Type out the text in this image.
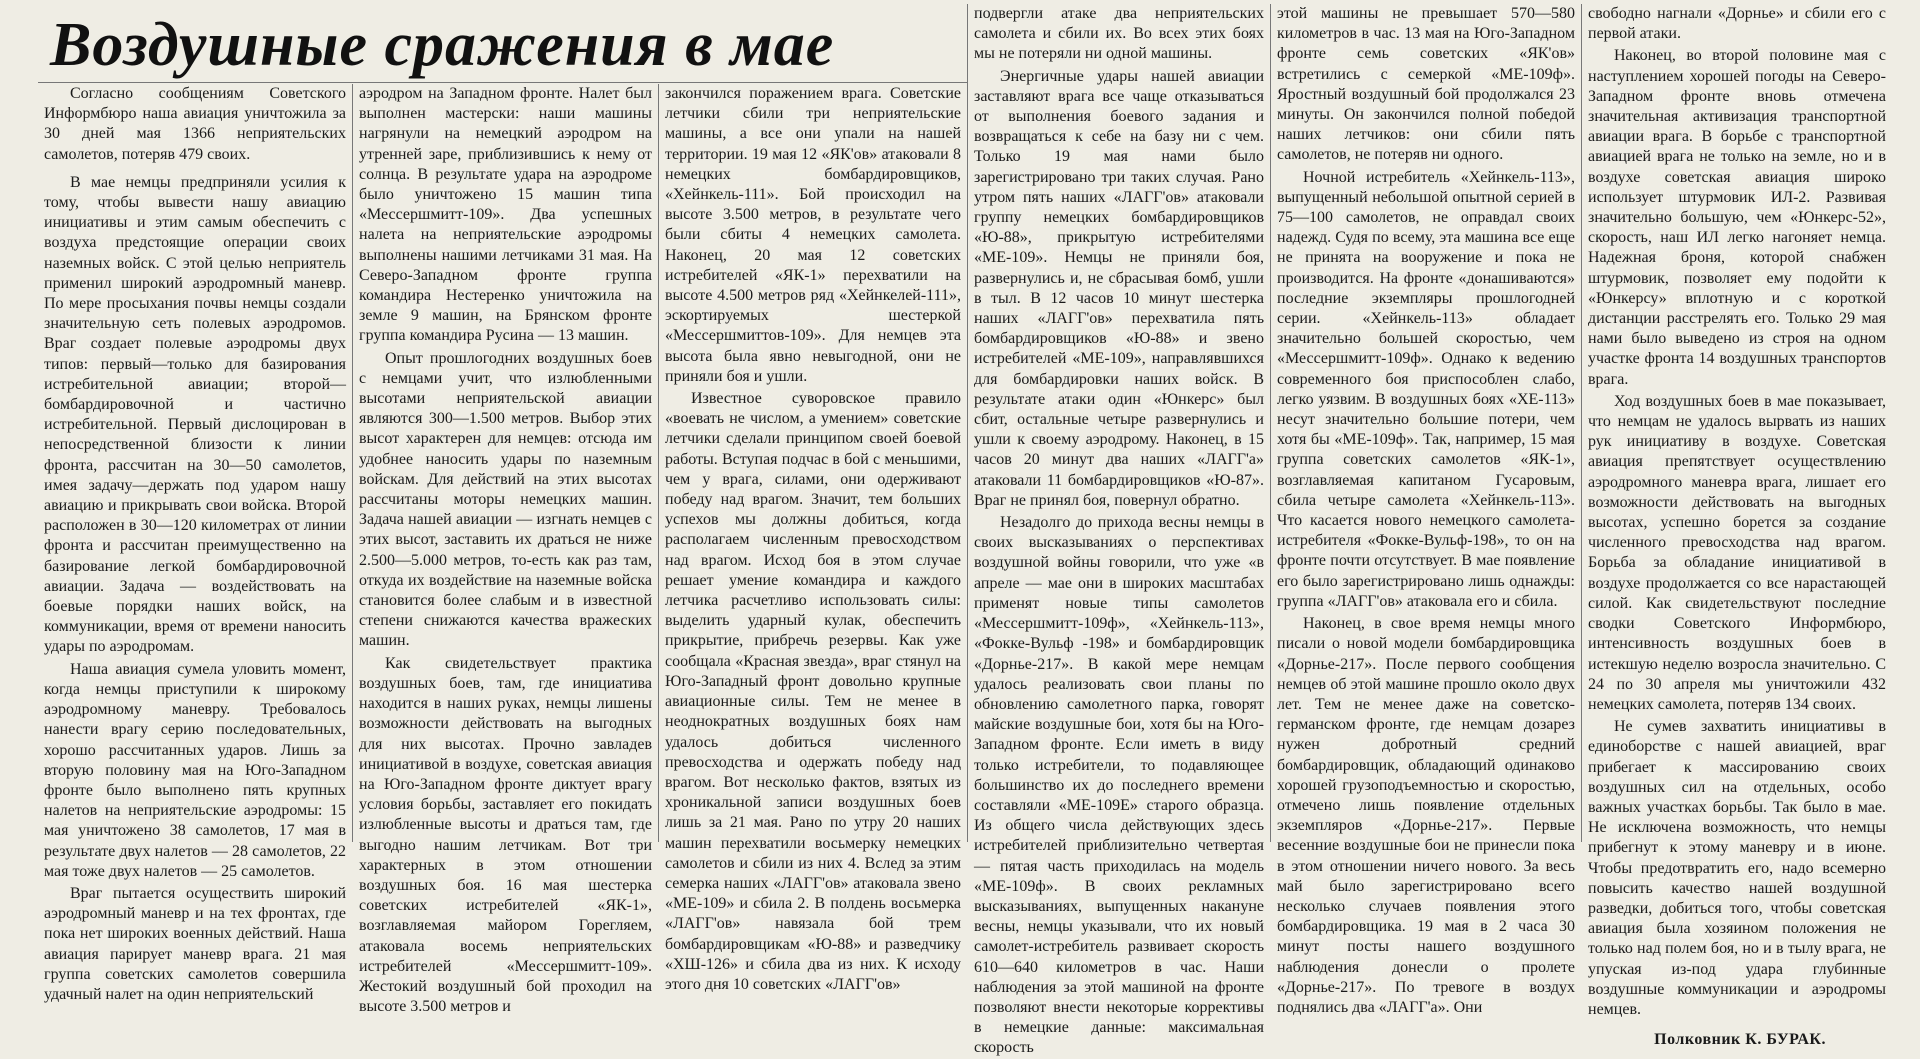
Воздушные сражения в мае

Согласно сообщениям Советского Информбюро наша авиация уничтожила за 30 дней мая 1366 неприятельских самолетов, потеряв 479 своих.

В мае немцы предприняли усилия к тому, чтобы вывести нашу авиацию инициативы и этим самым обеспечить с воздуха предстоящие операции своих наземных войск. С этой целью неприятель применил широкий аэродромный маневр. По мере просыхания почвы немцы создали значительную сеть полевых аэродромов. Враг создает полевые аэродромы двух типов: первый—только для базирования истребительной авиации; второй—бомбардировочной и частично истребительной. Первый дислоцирован в непосредственной близости к линии фронта, рассчитан на 30—50 самолетов, имея задачу—держать под ударом нашу авиацию и прикрывать свои войска. Второй расположен в 30—120 километрах от линии фронта и рассчитан преимущественно на базирование легкой бомбардировочной авиации. Задача — воздействовать на боевые порядки наших войск, на коммуникации, время от времени наносить удары по аэродромам.

Наша авиация сумела уловить момент, когда немцы приступили к широкому аэродромному маневру. Требовалось нанести врагу серию последовательных, хорошо рассчитанных ударов. Лишь за вторую половину мая на Юго-Западном фронте было выполнено пять крупных налетов на неприятельские аэродромы: 15 мая уничтожено 38 самолетов, 17 мая в результате двух налетов — 28 самолетов, 22 мая тоже двух налетов — 25 самолетов.

Враг пытается осуществить широкий аэродромный маневр и на тех фронтах, где пока нет широких военных действий. Наша авиация парирует маневр врага. 21 мая группа советских самолетов совершила удачный налет на один неприятельский

аэродром на Западном фронте. Налет был выполнен мастерски: наши машины нагрянули на немецкий аэродром на утренней заре, приблизившись к нему от солнца. В результате удара на аэродроме было уничтожено 15 машин типа «Мессершмитт-109». Два успешных налета на неприятельские аэродромы выполнены нашими летчиками 31 мая. На Северо-Западном фронте группа командира Нестеренко уничтожила на земле 9 машин, на Брянском фронте группа командира Русина — 13 машин.

Опыт прошлогодних воздушных боев с немцами учит, что излюбленными высотами неприятельской авиации являются 300—1.500 метров. Выбор этих высот характерен для немцев: отсюда им удобнее наносить удары по наземным войскам. Для действий на этих высотах рассчитаны моторы немецких машин. Задача нашей авиации — изгнать немцев с этих высот, заставить их драться не ниже 2.500—5.000 метров, то-есть как раз там, откуда их воздействие на наземные войска становится более слабым и в известной степени снижаются качества вражеских машин.

Как свидетельствует практика воздушных боев, там, где инициатива находится в наших руках, немцы лишены возможности действовать на выгодных для них высотах. Прочно завладев инициативой в воздухе, советская авиация на Юго-Западном фронте диктует врагу условия борьбы, заставляет его покидать излюбленные высоты и драться там, где выгодно нашим летчикам. Вот три характерных в этом отношении воздушных боя. 16 мая шестерка советских истребителей «ЯК-1», возглавляемая майором Горегляем, атаковала восемь неприятельских истребителей «Мессершмитт-109». Жестокий воздушный бой проходил на высоте 3.500 метров и

закончился поражением врага. Советские летчики сбили три неприятельские машины, а все они упали на нашей территории. 19 мая 12 «ЯК'ов» атаковали 8 немецких бомбардировщиков, «Хейнкель-111». Бой происходил на высоте 3.500 метров, в результате чего были сбиты 4 немецких самолета. Наконец, 20 мая 12 советских истребителей «ЯК-1» перехватили на высоте 4.500 метров ряд «Хейнкелей-111», эскортируемых шестеркой «Мессершмиттов-109». Для немцев эта высота была явно невыгодной, они не приняли боя и ушли.

Известное суворовское правило «воевать не числом, а умением» советские летчики сделали принципом своей боевой работы. Вступая подчас в бой с меньшими, чем у врага, силами, они одерживают победу над врагом. Значит, тем больших успехов мы должны добиться, когда располагаем численным превосходством над врагом. Исход боя в этом случае решает умение командира и каждого летчика расчетливо использовать силы: выделить ударный кулак, обеспечить прикрытие, прибречь резервы. Как уже сообщала «Красная звезда», враг стянул на Юго-Западный фронт довольно крупные авиационные силы. Тем не менее в неоднократных воздушных боях нам удалось добиться численного превосходства и одержать победу над врагом. Вот несколько фактов, взятых из хроникальной записи воздушных боев лишь за 21 мая. Рано по утру 20 наших машин перехватили восьмерку немецких самолетов и сбили из них 4. Вслед за этим семерка наших «ЛАГГ'ов» атаковала звено «МЕ-109» и сбила 2. В полдень восьмерка «ЛАГГ'ов» навязала бой трем бомбардировщикам «Ю-88» и разведчику «ХШ-126» и сбила два из них. К исходу этого дня 10 советских «ЛАГГ'ов»

подвергли атаке два неприятельских самолета и сбили их. Во всех этих боях мы не потеряли ни одной машины.

Энергичные удары нашей авиации заставляют врага все чаще отказываться от выполнения боевого задания и возвращаться к себе на базу ни с чем. Только 19 мая нами было зарегистрировано три таких случая. Рано утром пять наших «ЛАГГ'ов» атаковали группу немецких бомбардировщиков «Ю-88», прикрытую истребителями «МЕ-109». Немцы не приняли боя, развернулись и, не сбрасывая бомб, ушли в тыл. В 12 часов 10 минут шестерка наших «ЛАГГ'ов» перехватила пять бомбардировщиков «Ю-88» и звено истребителей «МЕ-109», направлявшихся для бомбардировки наших войск. В результате атаки один «Юнкерс» был сбит, остальные четыре развернулись и ушли к своему аэродрому. Наконец, в 15 часов 20 минут два наших «ЛАГГ'а» атаковали 11 бомбардировщиков «Ю-87». Враг не принял боя, повернул обратно.

Незадолго до прихода весны немцы в своих высказываниях о перспективах воздушной войны говорили, что уже «в апреле — мае они в широких масштабах применят новые типы самолетов «Мессершмитт-109ф», «Хейнкель-113», «Фокке-Вульф -198» и бомбардировщик «Дорнье-217». В какой мере немцам удалось реализовать свои планы по обновлению самолетного парка, говорят майские воздушные бои, хотя бы на Юго-Западном фронте. Если иметь в виду только истребители, то подавляющее большинство их до последнего времени составляли «МЕ-109Е» старого образца. Из общего числа действующих здесь истребителей приблизительно четвертая — пятая часть приходилась на модель «МЕ-109ф». В своих рекламных высказываниях, выпущенных накануне весны, немцы указывали, что их новый самолет-истребитель развивает скорость 610—640 километров в час. Наши наблюдения за этой машиной на фронте позволяют внести некоторые коррективы в немецкие данные: максимальная скорость

этой машины не превышает 570—580 километров в час. 13 мая на Юго-Западном фронте семь советских «ЯК'ов» встретились с семеркой «МЕ-109ф». Яростный воздушный бой продолжался 23 минуты. Он закончился полной победой наших летчиков: они сбили пять самолетов, не потеряв ни одного.

Ночной истребитель «Хейнкель-113», выпущенный небольшой опытной серией в 75—100 самолетов, не оправдал своих надежд. Судя по всему, эта машина все еще не принята на вооружение и пока не производится. На фронте «донашиваются» последние экземпляры прошлогодней серии. «Хейнкель-113» обладает значительно большей скоростью, чем «Мессершмитт-109ф». Однако к ведению современного боя приспособлен слабо, легко уязвим. В воздушных боях «ХЕ-113» несут значительно большие потери, чем хотя бы «МЕ-109ф». Так, например, 15 мая группа советских самолетов «ЯК-1», возглавляемая капитаном Гусаровым, сбила четыре самолета «Хейнкель-113». Что касается нового немецкого самолета-истребителя «Фокке-Вульф-198», то он на фронте почти отсутствует. В мае появление его было зарегистрировано лишь однажды: группа «ЛАГГ'ов» атаковала его и сбила.

Наконец, в свое время немцы много писали о новой модели бомбардировщика «Дорнье-217». После первого сообщения немцев об этой машине прошло около двух лет. Тем не менее даже на советско-германском фронте, где немцам дозарез нужен добротный средний бомбардировщик, обладающий одинаково хорошей грузоподъемностью и скоростью, отмечено лишь появление отдельных экземпляров «Дорнье-217». Первые весенние воздушные бои не принесли пока в этом отношении ничего нового. За весь май было зарегистрировано всего несколько случаев появления этого бомбардировщика. 19 мая в 2 часа 30 минут посты нашего воздушного наблюдения донесли о пролете «Дорнье-217». По тревоге в воздух поднялись два «ЛАГГ'а». Они

свободно нагнали «Дорнье» и сбили его с первой атаки.

Наконец, во второй половине мая с наступлением хорошей погоды на Северо-Западном фронте вновь отмечена значительная активизация транспортной авиации врага. В борьбе с транспортной авиацией врага не только на земле, но и в воздухе советская авиация широко использует штурмовик ИЛ-2. Развивая значительно большую, чем «Юнкерс-52», скорость, наш ИЛ легко нагоняет немца. Надежная броня, которой снабжен штурмовик, позволяет ему подойти к «Юнкерсу» вплотную и с короткой дистанции расстрелять его. Только 29 мая нами было выведено из строя на одном участке фронта 14 воздушных транспортов врага.

Ход воздушных боев в мае показывает, что немцам не удалось вырвать из наших рук инициативу в воздухе. Советская авиация препятствует осуществлению аэродромного маневра врага, лишает его возможности действовать на выгодных высотах, успешно борется за создание численного превосходства над врагом. Борьба за обладание инициативой в воздухе продолжается со все нарастающей силой. Как свидетельствуют последние сводки Советского Информбюро, интенсивность воздушных боев в истекшую неделю возросла значительно. С 24 по 30 апреля мы уничтожили 432 немецких самолета, потеряв 134 своих.

Не сумев захватить инициативы в единоборстве с нашей авиацией, враг прибегает к массированию своих воздушных сил на отдельных, особо важных участках борьбы. Так было в мае. Не исключена возможность, что немцы прибегнут к этому маневру и в июне. Чтобы предотвратить его, надо всемерно повысить качество нашей воздушной разведки, добиться того, чтобы советская авиация была хозяином положения не только над полем боя, но и в тылу врага, не упуская из-под удара глубинные воздушные коммуникации и аэродромы немцев.

Полковник К. БУРАК.
